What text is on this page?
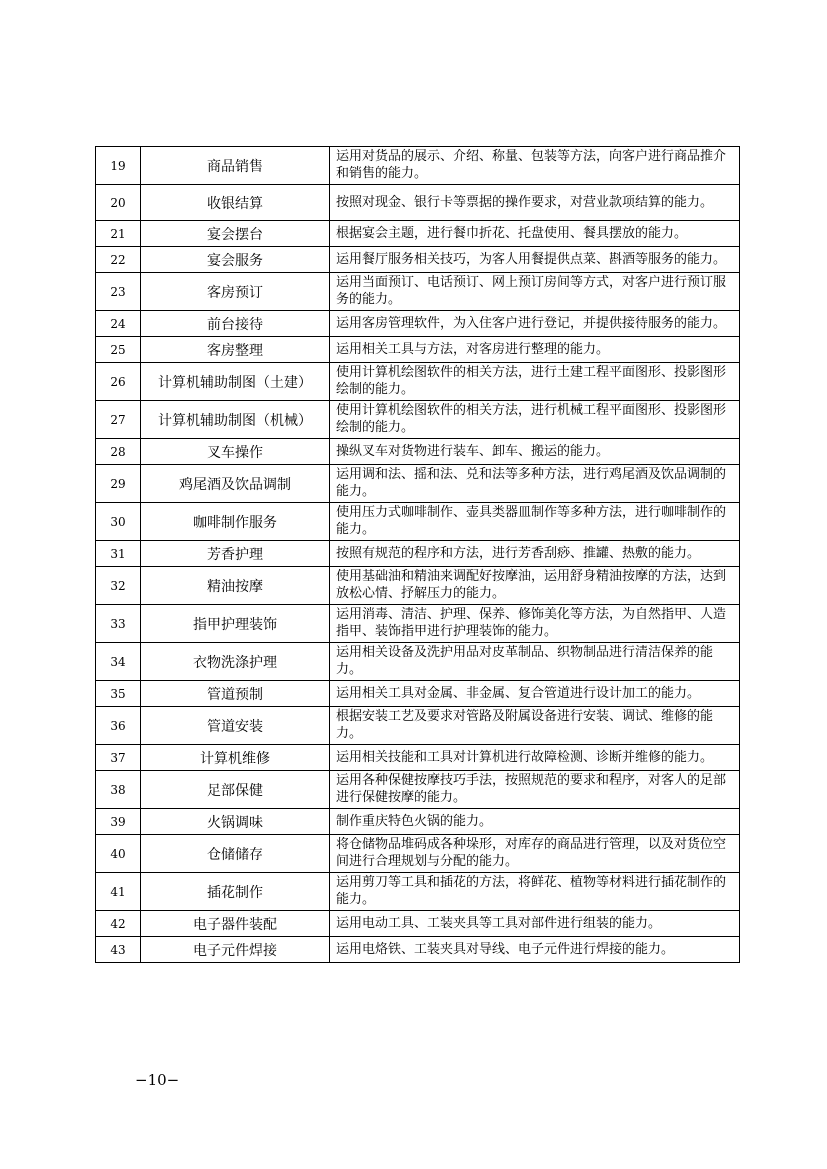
19	商品销售	运用对货品的展示、介绍、称量、包装等方法，向客户进行商品推介和销售的能力。
20	收银结算	按照对现金、银行卡等票据的操作要求，对营业款项结算的能力。
21	宴会摆台	根据宴会主题，进行餐巾折花、托盘使用、餐具摆放的能力。
22	宴会服务	运用餐厅服务相关技巧，为客人用餐提供点菜、斟酒等服务的能力。
23	客房预订	运用当面预订、电话预订、网上预订房间等方式，对客户进行预订服务的能力。
24	前台接待	运用客房管理软件，为入住客户进行登记，并提供接待服务的能力。
25	客房整理	运用相关工具与方法，对客房进行整理的能力。
26	计算机辅助制图（土建）	使用计算机绘图软件的相关方法，进行土建工程平面图形、投影图形绘制的能力。
27	计算机辅助制图（机械）	使用计算机绘图软件的相关方法，进行机械工程平面图形、投影图形绘制的能力。
28	叉车操作	操纵叉车对货物进行装车、卸车、搬运的能力。
29	鸡尾酒及饮品调制	运用调和法、摇和法、兑和法等多种方法，进行鸡尾酒及饮品调制的能力。
30	咖啡制作服务	使用压力式咖啡制作、壶具类器皿制作等多种方法，进行咖啡制作的能力。
31	芳香护理	按照有规范的程序和方法，进行芳香刮痧、推罐、热敷的能力。
32	精油按摩	使用基础油和精油来调配好按摩油，运用舒身精油按摩的方法，达到放松心情、抒解压力的能力。
33	指甲护理装饰	运用消毒、清洁、护理、保养、修饰美化等方法，为自然指甲、人造指甲、装饰指甲进行护理装饰的能力。
34	衣物洗涤护理	运用相关设备及洗护用品对皮革制品、织物制品进行清洁保养的能力。
35	管道预制	运用相关工具对金属、非金属、复合管道进行设计加工的能力。
36	管道安装	根据安装工艺及要求对管路及附属设备进行安装、调试、维修的能力。
37	计算机维修	运用相关技能和工具对计算机进行故障检测、诊断并维修的能力。
38	足部保健	运用各种保健按摩技巧手法，按照规范的要求和程序，对客人的足部进行保健按摩的能力。
39	火锅调味	制作重庆特色火锅的能力。
40	仓储储存	将仓储物品堆码成各种垛形，对库存的商品进行管理，以及对货位空间进行合理规划与分配的能力。
41	插花制作	运用剪刀等工具和插花的方法，将鲜花、植物等材料进行插花制作的能力。
42	电子器件装配	运用电动工具、工装夹具等工具对部件进行组装的能力。
43	电子元件焊接	运用电烙铁、工装夹具对导线、电子元件进行焊接的能力。
−10−
